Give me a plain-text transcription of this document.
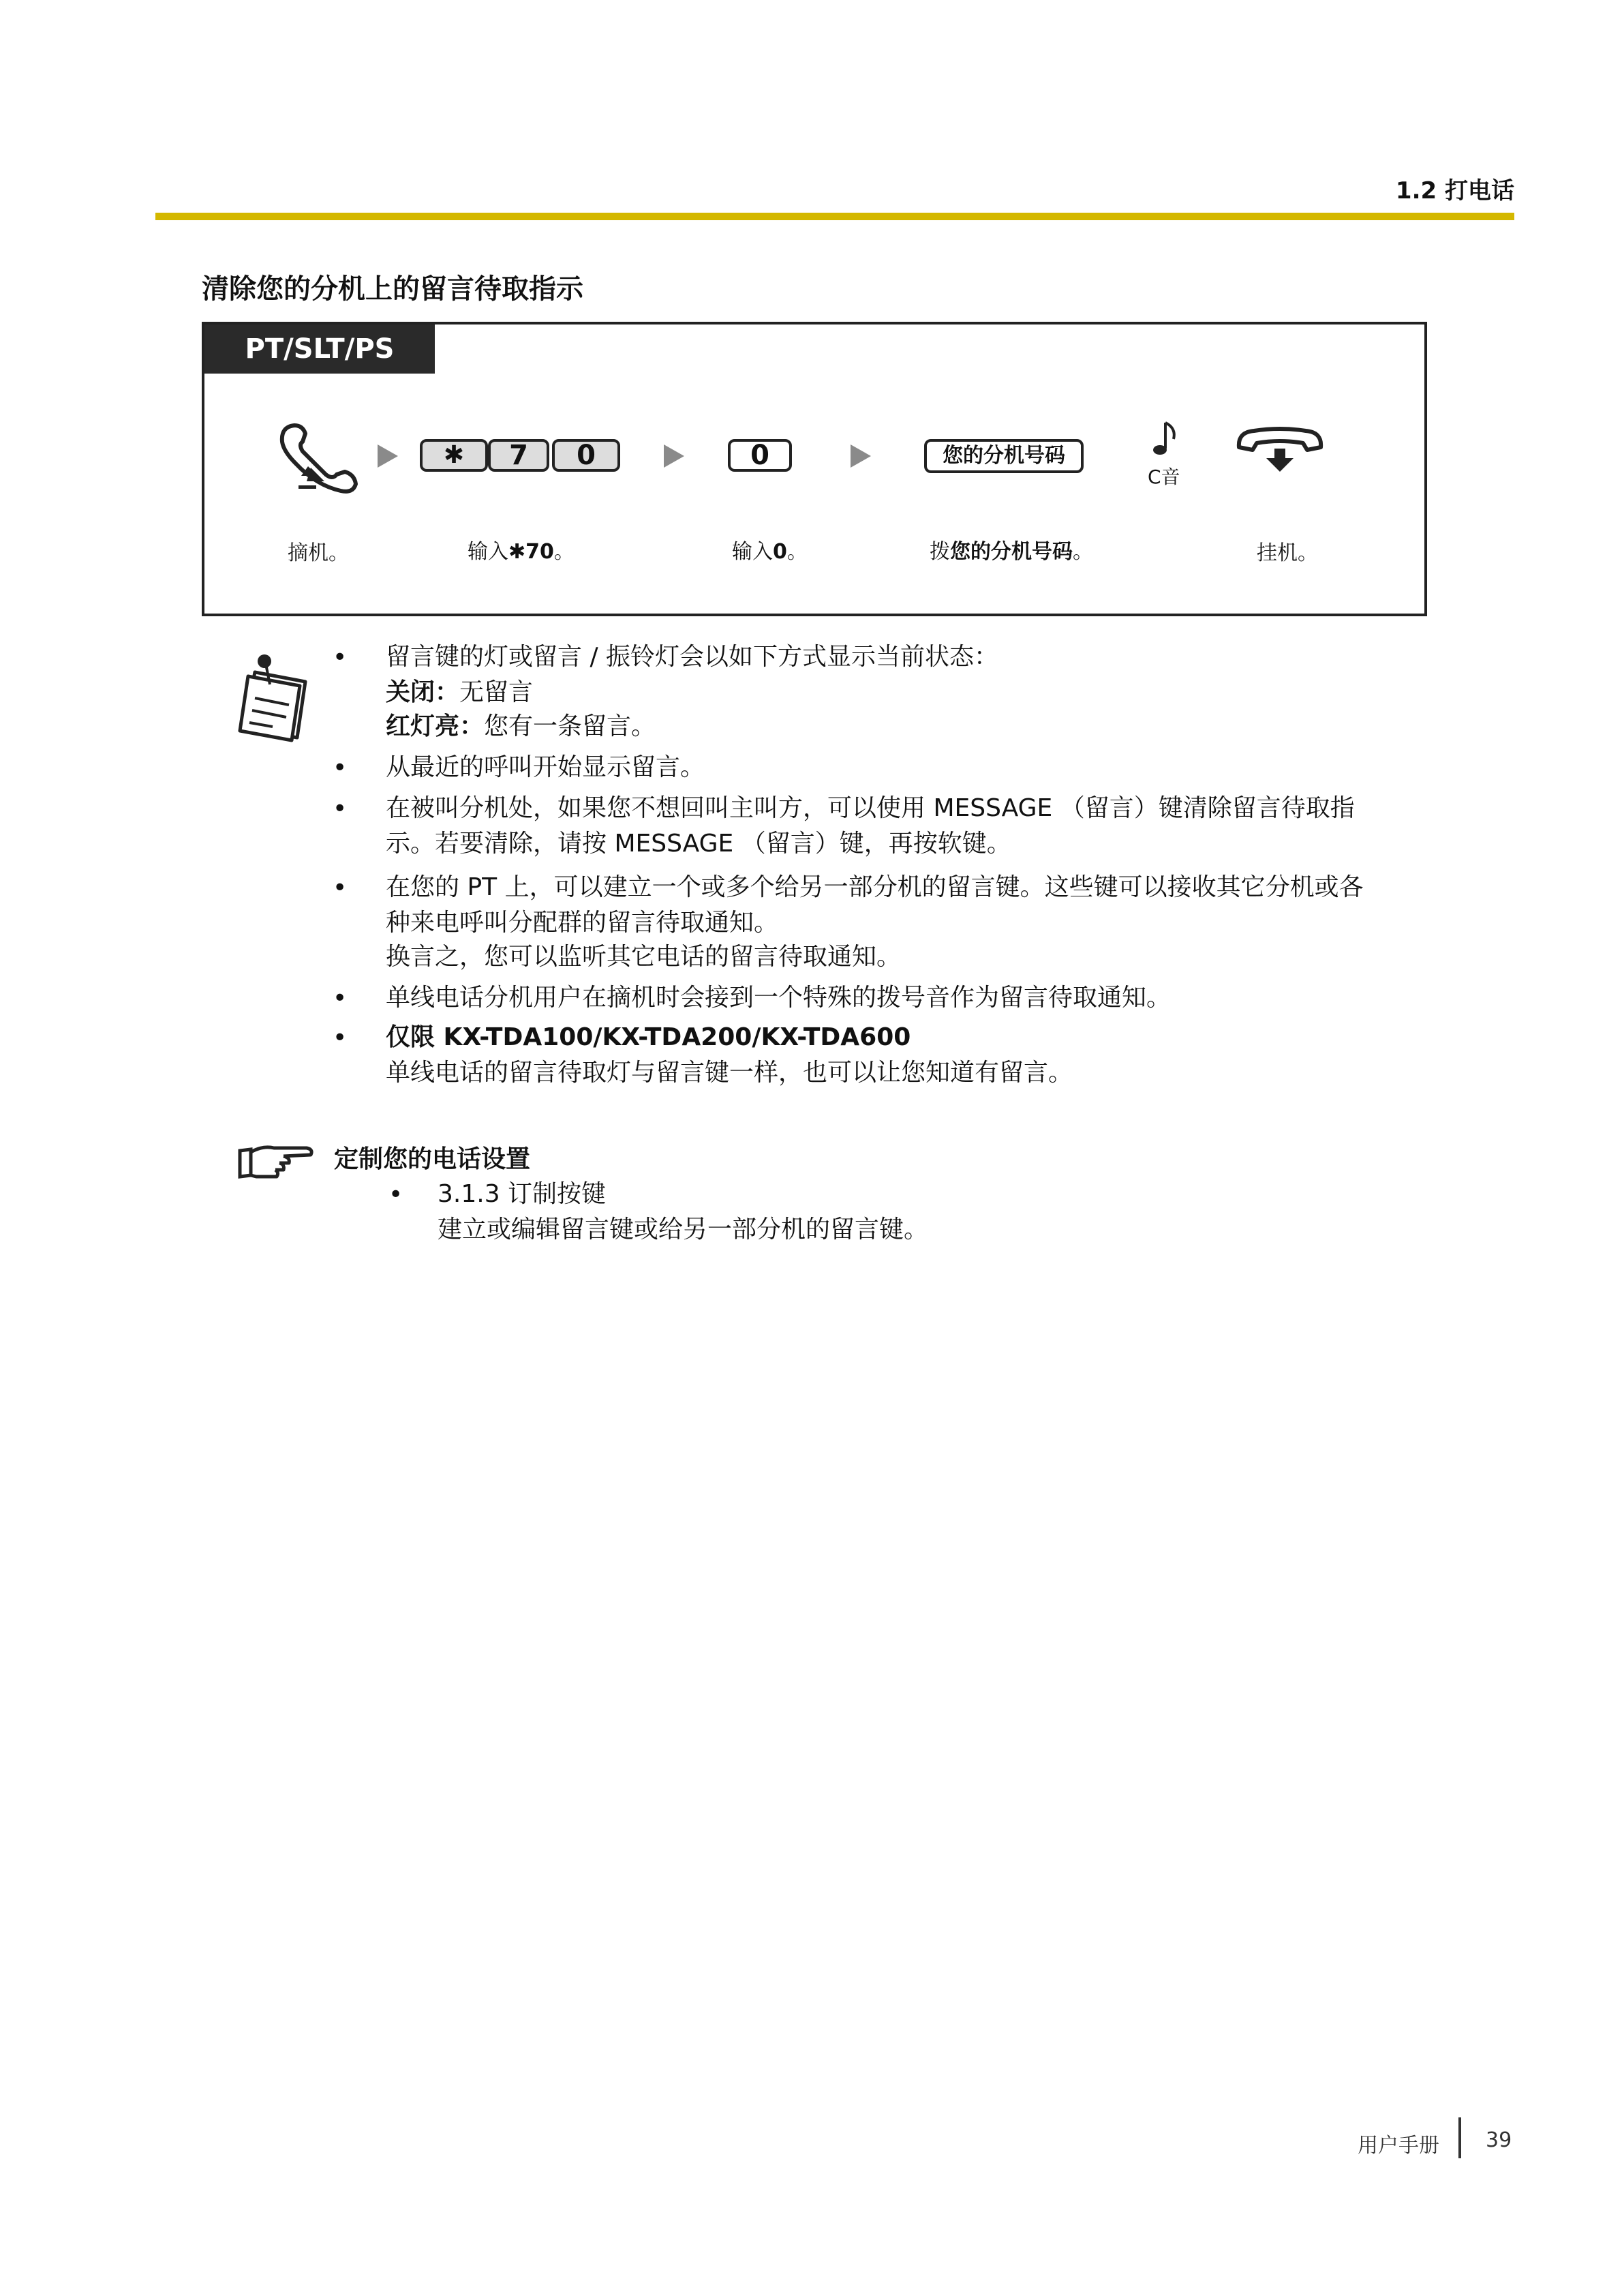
1.2 打电话
清除您的分机上的留言待取指示
PT/SLT/PS
✱	7	0	0	您的分机号码
C音
摘机。	输入✱70。	输入0。	拨您的分机号码。	挂机。
• 留言键的灯或留言 / 振铃灯会以如下方式显示当前状态：
关闭：无留言
红灯亮：您有一条留言。
• 从最近的呼叫开始显示留言。
• 在被叫分机处，如果您不想回叫主叫方，可以使用 MESSAGE （留言）键清除留言待取指
示。若要清除，请按 MESSAGE （留言）键，再按软键。
• 在您的 PT 上，可以建立一个或多个给另一部分机的留言键。这些键可以接收其它分机或各
种来电呼叫分配群的留言待取通知。
换言之，您可以监听其它电话的留言待取通知。
• 单线电话分机用户在摘机时会接到一个特殊的拨号音作为留言待取通知。
• 仅限 KX-TDA100/KX-TDA200/KX-TDA600
单线电话的留言待取灯与留言键一样，也可以让您知道有留言。
定制您的电话设置
• 3.1.3 订制按键
建立或编辑留言键或给另一部分机的留言键。
用户手册 39
